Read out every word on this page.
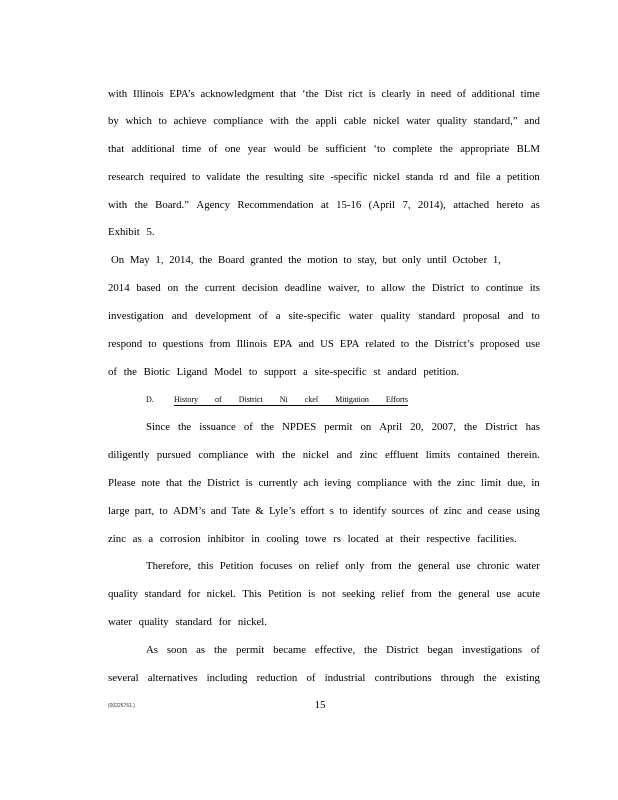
with Illinois EPA’s acknowledgment that ‘the Dist rict is clearly in need of additional time
by which to achieve compliance with the appli cable nickel water quality standard,” and
that additional time of one year would be sufficient ‘to complete the appropriate BLM
research required to validate the resulting site -specific nickel standa rd and file a petition
with the Board.” Agency Recommendation at 15-16 (April 7, 2014), attached hereto as
Exhibit 5.
On May 1, 2014, the Board granted the motion to stay, but only until October 1,
2014 based on the current decision deadline waiver, to allow the District to continue its
investigation and development of a site-specific water quality standard proposal and to
respond to questions from Illinois EPA and US EPA related to the District’s proposed use
of the Biotic Ligand Model to support a site-specific st andard petition.
D.	History of District Ni ckel Mitigation Efforts
Since the issuance of the NPDES permit on April 20, 2007, the District has
diligently pursued compliance with the nickel and zinc effluent limits contained therein.
Please note that the District is currently ach ieving compliance with the zinc limit due, in
large part, to ADM’s and Tate & Lyle’s effort s to identify sources of zinc and cease using
zinc as a corrosion inhibitor in cooling towe rs located at their respective facilities.
Therefore, this Petition focuses on relief only from the general use chronic water
quality standard for nickel. This Petition is not seeking relief from the general use acute
water quality standard for nickel.
As soon as the permit became effective, the District began investigations of
several alternatives including reduction of industrial contributions through the existing
{00226761.}	15
